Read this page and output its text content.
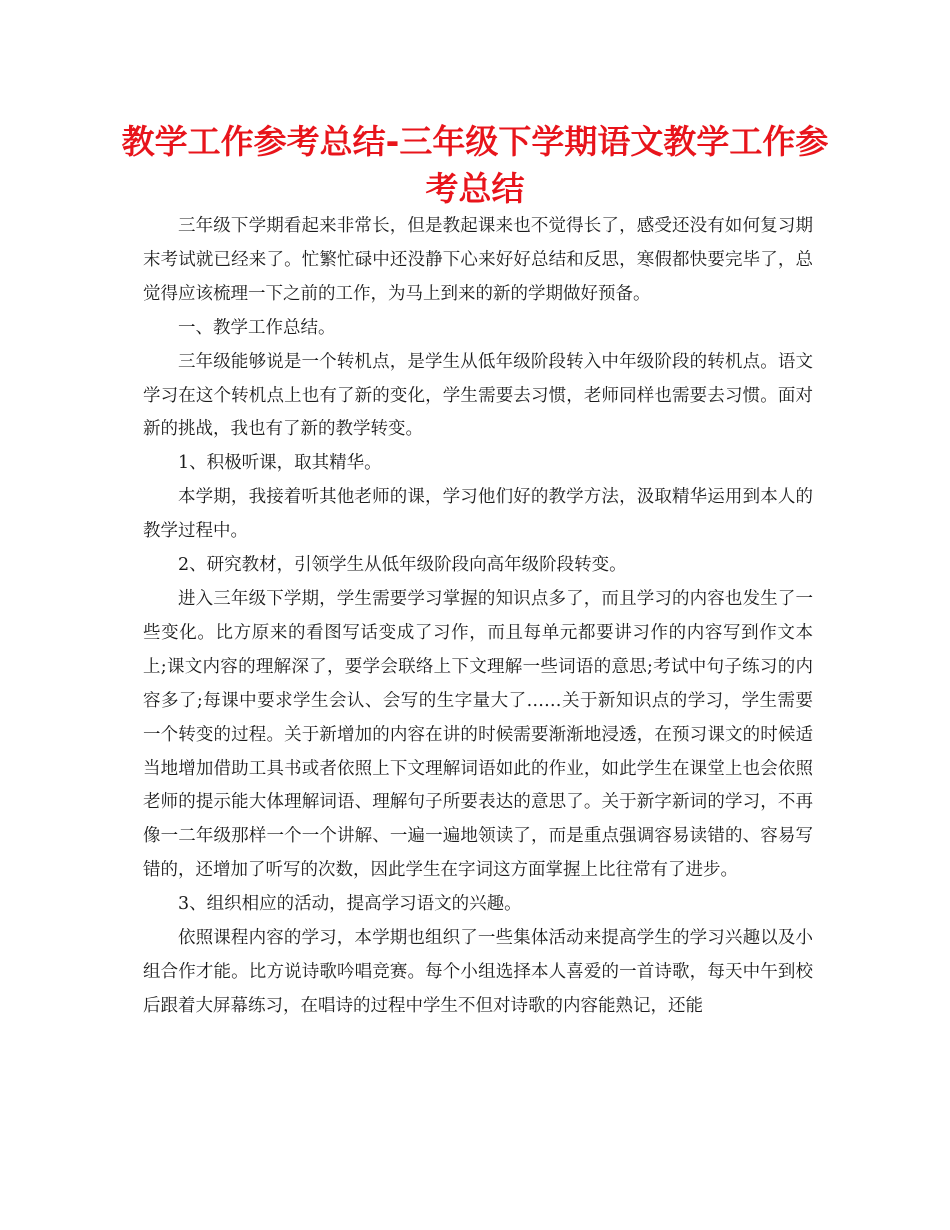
教学工作参考总结-三年级下学期语文教学工作参考总结

三年级下学期看起来非常长，但是教起课来也不觉得长了，感受还没有如何复习期末考试就已经来了。忙繁忙碌中还没静下心来好好总结和反思，寒假都快要完毕了，总觉得应该梳理一下之前的工作，为马上到来的新的学期做好预备。

一、教学工作总结。

三年级能够说是一个转机点，是学生从低年级阶段转入中年级阶段的转机点。语文学习在这个转机点上也有了新的变化，学生需要去习惯，老师同样也需要去习惯。面对新的挑战，我也有了新的教学转变。

1、积极听课，取其精华。

本学期，我接着听其他老师的课，学习他们好的教学方法，汲取精华运用到本人的教学过程中。

2、研究教材，引领学生从低年级阶段向高年级阶段转变。

进入三年级下学期，学生需要学习掌握的知识点多了，而且学习的内容也发生了一些变化。比方原来的看图写话变成了习作，而且每单元都要讲习作的内容写到作文本上;课文内容的理解深了，要学会联络上下文理解一些词语的意思;考试中句子练习的内容多了;每课中要求学生会认、会写的生字量大了……关于新知识点的学习，学生需要一个转变的过程。关于新增加的内容在讲的时候需要渐渐地浸透，在预习课文的时候适当地增加借助工具书或者依照上下文理解词语如此的作业，如此学生在课堂上也会依照老师的提示能大体理解词语、理解句子所要表达的意思了。关于新字新词的学习，不再像一二年级那样一个一个讲解、一遍一遍地领读了，而是重点强调容易读错的、容易写错的，还增加了听写的次数，因此学生在字词这方面掌握上比往常有了进步。

3、组织相应的活动，提高学习语文的兴趣。

依照课程内容的学习，本学期也组织了一些集体活动来提高学生的学习兴趣以及小组合作才能。比方说诗歌吟唱竞赛。每个小组选择本人喜爱的一首诗歌，每天中午到校后跟着大屏幕练习，在唱诗的过程中学生不但对诗歌的内容能熟记，还能
